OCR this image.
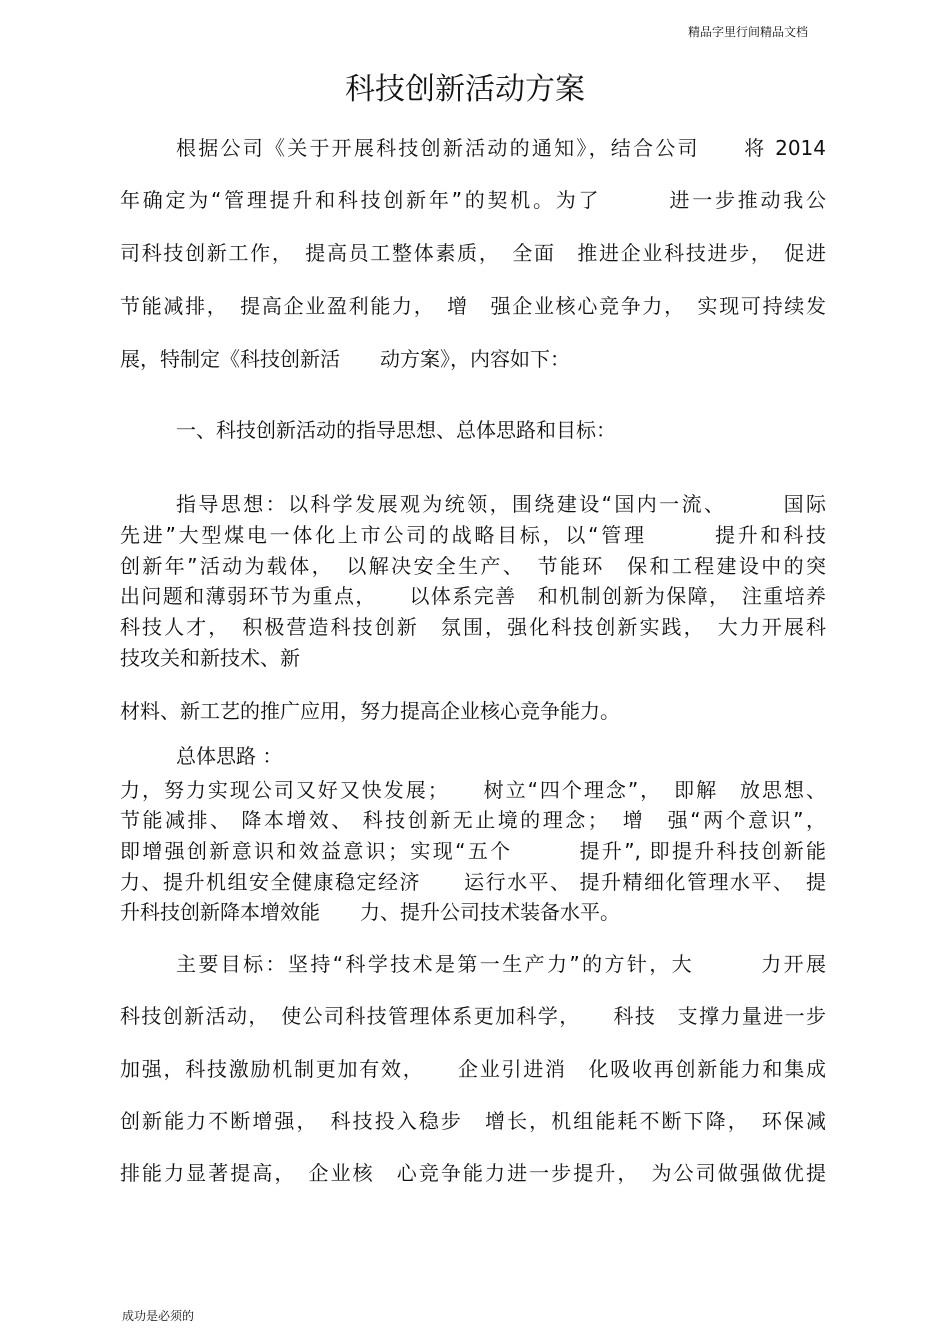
精品字里行间精品文档
科技创新活动方案

根据公司《关于开展科技创新活动的通知》，结合公司　　将 2014

年确定为“管理提升和科技创新年”的契机。为了　　　进一步推动我公

司科技创新工作，　提高员工整体素质，　全面　推进企业科技进步，　促进

节能减排，　提高企业盈利能力，　增　强企业核心竞争力，　实现可持续发

展，特制定《科技创新活　　动方案》，内容如下：

一、科技创新活动的指导思想、总体思路和目标：

指导思想：以科学发展观为统领，围绕建设“国内一流、　　　国际

先进”大型煤电一体化上市公司的战略目标，以“管理　　　提升和科技

创新年”活动为载体，　以解决安全生产、　节能环　保和工程建设中的突

出问题和薄弱环节为重点，　　以体系完善　和机制创新为保障，　注重培养

科技人才，　积极营造科技创新　氛围，强化科技创新实践，　大力开展科

技攻关和新技术、新

材料、新工艺的推广应用，努力提高企业核心竞争能力。

总体思路 ：

力，努力实现公司又好又快发展；　　树立“四个理念”，　即解　放思想、

节能减排、 降本增效、 科技创新无止境的理念；　增　强“两个意识”，

即增强创新意识和效益意识；实现“五个　　　提升”, 即提升科技创新能

力、提升机组安全健康稳定经济　　运行水平、 提升精细化管理水平、　提

升科技创新降本增效能　　力、提升公司技术装备水平。

主要目标：坚持“科学技术是第一生产力”的方针，大　　　力开展

科技创新活动，　使公司科技管理体系更加科学，　　科技　支撑力量进一步

加强，科技激励机制更加有效，　　企业引进消　化吸收再创新能力和集成

创新能力不断增强，　科技投入稳步　增长，机组能耗不断下降，　环保减

排能力显著提高，　企业核　心竞争能力进一步提升，　为公司做强做优提

成功是必须的
